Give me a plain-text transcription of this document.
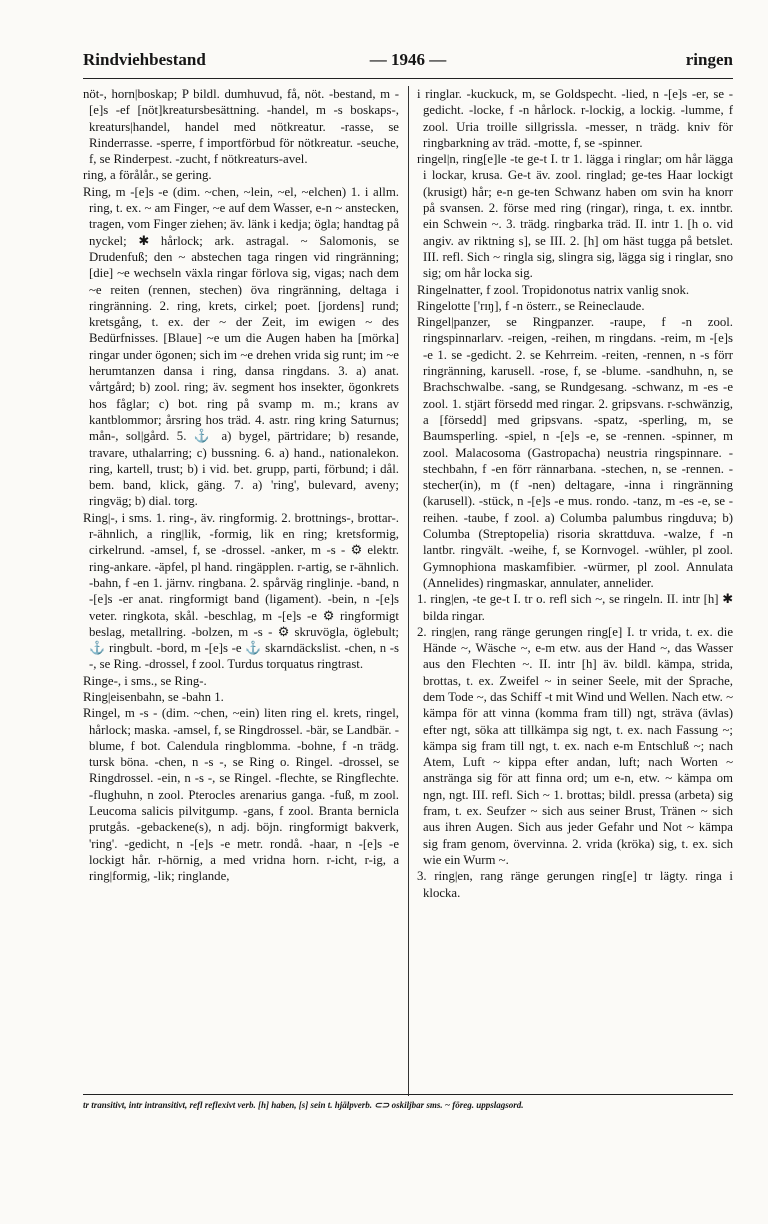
Rindviehbestand	— 1946 —	ringen

nöt-, horn|boskap; P bildl. dumhuvud, få, nöt. -bestand, m -[e]s -ef [nöt]kreatursbesättning. -handel, m -s boskaps-, kreaturs|handel, handel med nötkreatur. -rasse, se Rinderrasse. -sperre, f importförbud för nötkreatur. -seuche, f, se Rinderpest. -zucht, f nötkreaturs-avel.

ring, a förålår., se gering.

Ring, m -[e]s -e (dim. ~chen, ~lein, ~el, ~elchen) 1. i allm. ring, t. ex. ~ am Finger, ~e auf dem Wasser, e-n ~ anstecken, tragen, vom Finger ziehen; äv. länk i kedja; ögla; handtag på nyckel; ✱ hårlock; ark. astragal. ~ Salomonis, se Drudenfuß; den ~ abstechen taga ringen vid ringränning; [die] ~e wechseln växla ringar förlova sig, vigas; nach dem ~e reiten (rennen, stechen) öva ringränning, deltaga i ringränning. 2. ring, krets, cirkel; poet. [jordens] rund; kretsgång, t. ex. der ~ der Zeit, im ewigen ~ des Bedürfnisses. [Blaue] ~e um die Augen haben ha [mörka] ringar under ögonen; sich im ~e drehen vrida sig runt; im ~e herumtanzen dansa i ring, dansa ringdans. 3. a) anat. vårtgård; b) zool. ring; äv. segment hos insekter, ögonkrets hos fåglar; c) bot. ring på svamp m. m.; krans av kantblommor; årsring hos träd. 4. astr. ring kring Saturnus; mån-, sol|gård. 5. ⚓ a) bygel, pärtridare; b) resande, travare, uthalarring; c) bussning. 6. a) hand., nationalekon. ring, kartell, trust; b) i vid. bet. grupp, parti, förbund; i dål. bem. band, klick, gäng. 7. a) 'ring', bulevard, aveny; ringväg; b) dial. torg.

Ring|-, i sms. 1. ring-, äv. ringformig. 2. brottnings-, brottar-. r-ähnlich, a ring|lik, -formig, lik en ring; kretsformig, cirkelrund. -amsel, f, se -drossel. -anker, m -s - ⚙ elektr. ring-ankare. -äpfel, pl hand. ringäpplen. r-artig, se r-ähnlich. -bahn, f -en 1. järnv. ringbana. 2. spårväg ringlinje. -band, n -[e]s -er anat. ringformigt band (ligament). -bein, n -[e]s veter. ringkota, skål. -beschlag, m -[e]s -e ⚙ ringformigt beslag, metallring. -bolzen, m -s - ⚙ skruvögla, öglebult; ⚓ ringbult. -bord, m -[e]s -e ⚓ skarndäckslist. -chen, n -s -, se Ring. -drossel, f zool. Turdus torquatus ringtrast.

Ringe-, i sms., se Ring-.

Ring|eisenbahn, se -bahn 1.

Ringel, m -s - (dim. ~chen, ~ein) liten ring el. krets, ringel, hårlock; maska. -amsel, f, se Ringdrossel. -bär, se Landbär. -blume, f bot. Calendula ringblomma. -bohne, f -n trädg. tursk böna. -chen, n -s -, se Ring o. Ringel. -drossel, se Ringdrossel. -ein, n -s -, se Ringel. -flechte, se Ringflechte. -flughuhn, n zool. Pterocles arenarius ganga. -fuß, m zool. Leucoma salicis pilvitgump. -gans, f zool. Branta bernicla prutgås. -gebackene(s), n adj. böjn. ringformigt bakverk, 'ring'. -gedicht, n -[e]s -e metr. rondå. -haar, n -[e]s -e lockigt hår. r-hörnig, a med vridna horn. r-icht, r-ig, a ring|formig, -lik; ringlande,

i ringlar. -kuckuck, m, se Goldspecht. -lied, n -[e]s -er, se -gedicht. -locke, f -n hårlock. r-lockig, a lockig. -lumme, f zool. Uria troille sillgrissla. -messer, n trädg. kniv för ringbarkning av träd. -motte, f, se -spinner.

ringel|n, ring[e]le -te ge-t I. tr 1. lägga i ringlar; om hår lägga i lockar, krusa. Ge-t äv. zool. ringlad; ge-tes Haar lockigt (krusigt) hår; e-n ge-ten Schwanz haben om svin ha knorr på svansen. 2. förse med ring (ringar), ringa, t. ex. inntbr. ein Schwein ~. 3. trädg. ringbarka träd. II. intr 1. [h o. vid angiv. av riktning s], se III. 2. [h] om häst tugga på betslet. III. refl. Sich ~ ringla sig, slingra sig, lägga sig i ringlar, sno sig; om hår locka sig.

Ringelnatter, f zool. Tropidonotus natrix vanlig snok.

Ringelotte ['rɪŋ], f -n österr., se Reineclaude.

Ringel|panzer, se Ringpanzer. -raupe, f -n zool. ringspinnarlarv. -reigen, -reihen, m ringdans. -reim, m -[e]s -e 1. se -gedicht. 2. se Kehrreim. -reiten, -rennen, n -s förr ringränning, karusell. -rose, f, se -blume. -sandhuhn, n, se Brachschwalbe. -sang, se Rundgesang. -schwanz, m -es -e zool. 1. stjärt försedd med ringar. 2. gripsvans. r-schwänzig, a [försedd] med gripsvans. -spatz, -sperling, m, se Baumsperling. -spiel, n -[e]s -e, se -rennen. -spinner, m zool. Malacosoma (Gastropacha) neustria ringspinnare. -stechbahn, f -en förr rännarbana. -stechen, n, se -rennen. -stecher(in), m (f -nen) deltagare, -inna i ringränning (karusell). -stück, n -[e]s -e mus. rondo. -tanz, m -es -e, se -reihen. -taube, f zool. a) Columba palumbus ringduva; b) Columba (Streptopelia) risoria skrattduva. -walze, f -n lantbr. ringvält. -weihe, f, se Kornvogel. -wühler, pl zool. Gymnophiona maskamfibier. -würmer, pl zool. Annulata (Annelides) ringmaskar, annulater, annelider.

1. ring|en, -te ge-t I. tr o. refl sich ~, se ringeln. II. intr [h] ✱ bilda ringar.

2. ring|en, rang ränge gerungen ring[e] I. tr vrida, t. ex. die Hände ~, Wäsche ~, e-m etw. aus der Hand ~, das Wasser aus den Flechten ~. II. intr [h] äv. bildl. kämpa, strida, brottas, t. ex. Zweifel ~ in seiner Seele, mit der Sprache, dem Tode ~, das Schiff -t mit Wind und Wellen. Nach etw. ~ kämpa för att vinna (komma fram till) ngt, sträva (ävlas) efter ngt, söka att tillkämpa sig ngt, t. ex. nach Fassung ~; kämpa sig fram till ngt, t. ex. nach e-m Entschluß ~; nach Atem, Luft ~ kippa efter andan, luft; nach Worten ~ anstränga sig för att finna ord; um e-n, etw. ~ kämpa om ngn, ngt. III. refl. Sich ~ 1. brottas; bildl. pressa (arbeta) sig fram, t. ex. Seufzer ~ sich aus seiner Brust, Tränen ~ sich aus ihren Augen. Sich aus jeder Gefahr und Not ~ kämpa sig fram genom, övervinna. 2. vrida (kröka) sig, t. ex. sich wie ein Wurm ~.

3. ring|en, rang ränge gerungen ring[e] tr lägty. ringa i klocka.

tr transitivt, intr intransitivt, refl reflexivt verb. [h] haben, [s] sein t. hjälpverb. ⊂⊃ oskiljbar sms. ~ föreg. uppslagsord.
